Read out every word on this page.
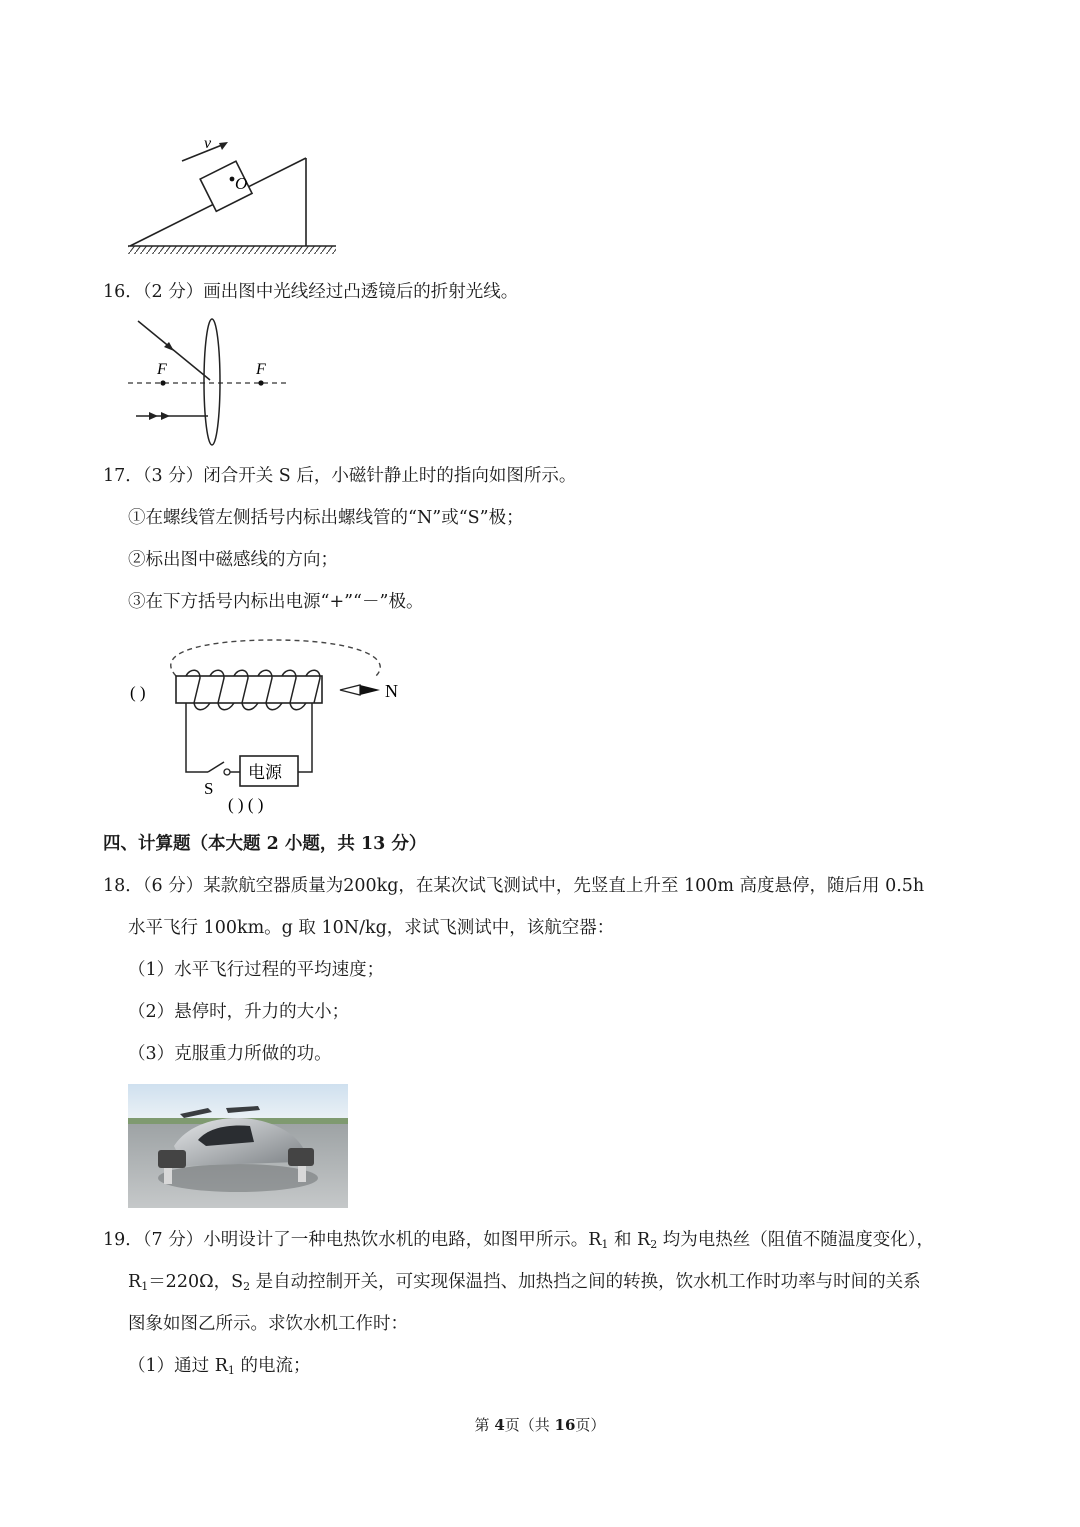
O
v
16．（2 分）画出图中光线经过凸透镜后的折射光线。
F	F
17．（3 分）闭合开关 S 后，小磁针静止时的指向如图所示。
①在螺线管左侧括号内标出螺线管的“N”或“S”极；
②标出图中磁感线的方向；
③在下方括号内标出电源“+”“－”极。
( )	N
电源
S
( ) ( )
四、计算题（本大题 2 小题，共 13 分）
18．（6 分）某款航空器质量为200kg，在某次试飞测试中，先竖直上升至 100m 高度悬停，随后用 0.5h
水平飞行 100km。g 取 10N/kg，求试飞测试中，该航空器：
（1）水平飞行过程的平均速度；
（2）悬停时，升力的大小；
（3）克服重力所做的功。
19．（7 分）小明设计了一种电热饮水机的电路，如图甲所示。$R_1$ 和 $R_2$ 均为电热丝（阻值不随温度变化），
$R_1=220\Omega$，$S_2$ 是自动控制开关，可实现保温挡、加热挡之间的转换，饮水机工作时功率与时间的关系
图象如图乙所示。求饮水机工作时：
（1）通过 $R_1$ 的电流；
第 4页（共 16页）
